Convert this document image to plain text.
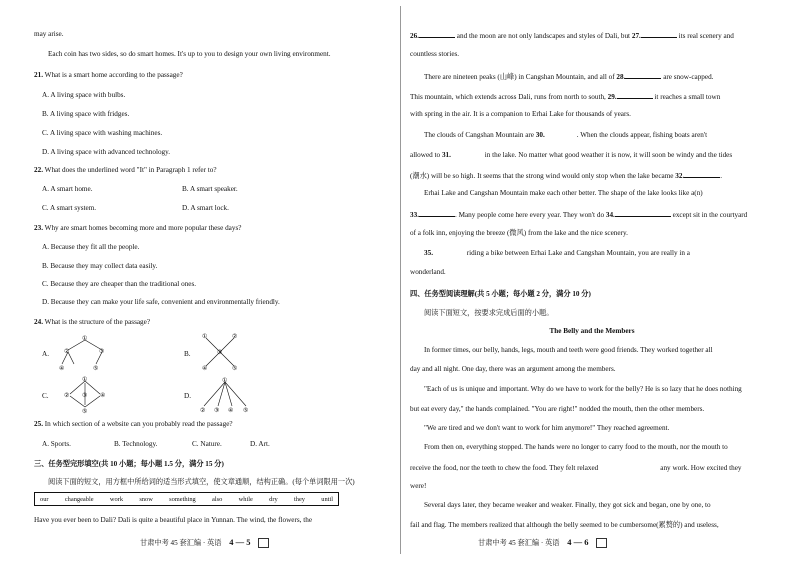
may arise.
Each coin has two sides, so do smart homes. It's up to you to design your own living environment.
21. What is a smart home according to the passage?
A. A living space with bulbs.
B. A living space with fridges.
C. A living space with washing machines.
D. A living space with advanced technology.
22. What does the underlined word "It" in Paragraph 1 refer to?
A. A smart home.	B. A smart speaker.
C. A smart system.	D. A smart lock.
23. Why are smart homes becoming more and more popular these days?
A. Because they fit all the people.
B. Because they may collect data easily.
C. Because they are cheaper than the traditional ones.
D. Because they can make your life safe, convenient and environmentally friendly.
24. What is the structure of the passage?
A.
①
②	③
④	⑤
B.
①	②
③
④	⑤
C.
①
② ③ ④
⑤
D.
①
② ③ ④ ⑤
25. In which section of a website can you probably read the passage?
A. Sports.	B. Technology.	C. Nature.	D. Art.
三、任务型完形填空(共 10 小题；每小题 1.5 分，满分 15 分)
阅读下面的短文，用方框中所给词的适当形式填空，使文章通顺，结构正确。(每个单词限用一次)
our	changeable	work	snow	something	also	while	dry	they	until
Have you ever been to Dali? Dali is quite a beautiful place in Yunnan. The wind, the flowers, the
甘肃中考 45 套汇编 · 英语 4 — 5
26.	and the moon are not only landscapes and styles of Dali, but 27.	its real scenery and
countless stories.
There are nineteen peaks (山峰) in Cangshan Mountain, and all of 28.	are snow-capped.
This mountain, which extends across Dali, runs from north to south, 29.	it reaches a small town
with spring in the air. It is a companion to Erhai Lake for thousands of years.
The clouds of Cangshan Mountain are 30.	. When the clouds appear, fishing boats aren't
allowed to 31.	in the lake. No matter what good weather it is now, it will soon be windy and the tides
(潮水) will be so high. It seems that the strong wind would only stop when the lake became 32.	.
Erhai Lake and Cangshan Mountain make each other better. The shape of the lake looks like a(n)
33.	. Many people come here every year. They won't do 34.	except sit in the courtyard
of a folk inn, enjoying the breeze (微风) from the lake and the nice scenery.
35.	riding a bike between Erhai Lake and Cangshan Mountain, you are really in a
wonderland.
四、任务型阅读理解(共 5 小题；每小题 2 分，满分 10 分)
阅读下面短文，按要求完成后面的小题。
The Belly and the Members
In former times, our belly, hands, legs, mouth and teeth were good friends. They worked together all
day and all night. One day, there was an argument among the members.
"Each of us is unique and important. Why do we have to work for the belly? He is so lazy that he does nothing
but eat every day," the hands complained. "You are right!" nodded the mouth, then the other members.
"We are tired and we don't want to work for him anymore!" They reached agreement.
From then on, everything stopped. The hands were no longer to carry food to the mouth, nor the mouth to
receive the food, nor the teeth to chew the food. They felt relaxed	any work. How excited they
were!
Several days later, they became weaker and weaker. Finally, they got sick and began, one by one, to
fail and flag. The members realized that although the belly seemed to be cumbersome(累赘的) and useless,
甘肃中考 45 套汇编 · 英语 4 — 6
